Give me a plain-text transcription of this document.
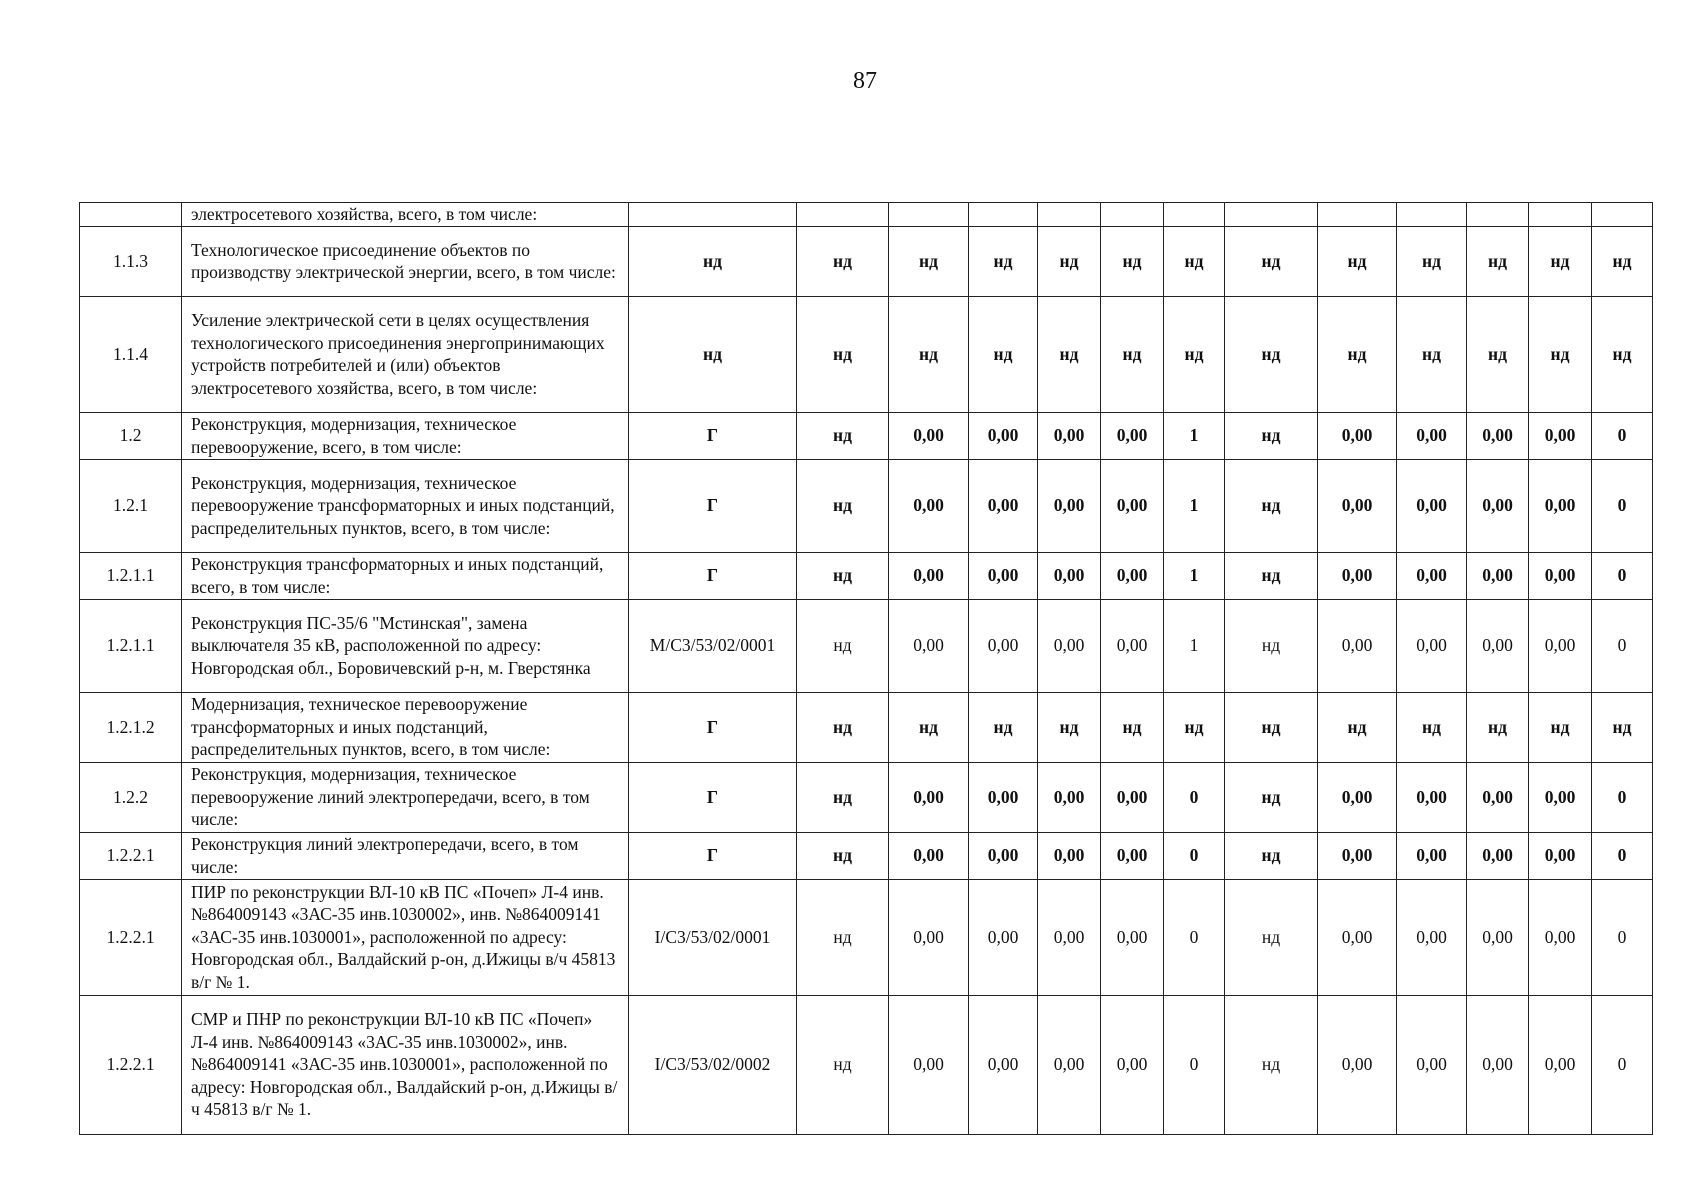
87
	электросетевого хозяйства, всего, в том числе:													
1.1.3	Технологическое присоединение объектов по производству электрической энергии, всего, в том числе:	нд	нд	нд	нд	нд	нд	нд	нд	нд	нд	нд	нд	нд
1.1.4	Усиление электрической сети в целях осуществления технологического присоединения энергопринимающих устройств потребителей и (или) объектов электросетевого хозяйства, всего, в том числе:	нд	нд	нд	нд	нд	нд	нд	нд	нд	нд	нд	нд	нд
1.2	Реконструкция, модернизация, техническое перевооружение, всего, в том числе:	Г	нд	0,00	0,00	0,00	0,00	1	нд	0,00	0,00	0,00	0,00	0
1.2.1	Реконструкция, модернизация, техническое перевооружение трансформаторных и иных подстанций, распределительных пунктов, всего, в том числе:	Г	нд	0,00	0,00	0,00	0,00	1	нд	0,00	0,00	0,00	0,00	0
1.2.1.1	Реконструкция трансформаторных и иных подстанций, всего, в том числе:	Г	нд	0,00	0,00	0,00	0,00	1	нд	0,00	0,00	0,00	0,00	0
1.2.1.1	Реконструкция ПС-35/6 "Мстинская", замена выключателя 35 кВ, расположенной по адресу: Новгородская обл., Боровичевский р-н, м. Гверстянка	M/C3/53/02/0001	нд	0,00	0,00	0,00	0,00	1	нд	0,00	0,00	0,00	0,00	0
1.2.1.2	Модернизация, техническое перевооружение трансформаторных и иных подстанций, распределительных пунктов, всего, в том числе:	Г	нд	нд	нд	нд	нд	нд	нд	нд	нд	нд	нд	нд
1.2.2	Реконструкция, модернизация, техническое перевооружение линий электропередачи, всего, в том числе:	Г	нд	0,00	0,00	0,00	0,00	0	нд	0,00	0,00	0,00	0,00	0
1.2.2.1	Реконструкция линий электропередачи, всего, в том числе:	Г	нд	0,00	0,00	0,00	0,00	0	нд	0,00	0,00	0,00	0,00	0
1.2.2.1	ПИР по реконструкции ВЛ-10 кВ ПС «Почеп» Л-4 инв. №864009143 «3АС-35 инв.1030002», инв. №864009141 «3АС-35 инв.1030001», расположенной по адресу: Новгородская обл., Валдайский р-он, д.Ижицы в/ч 45813 в/г № 1.	I/C3/53/02/0001	нд	0,00	0,00	0,00	0,00	0	нд	0,00	0,00	0,00	0,00	0
1.2.2.1	СМР и ПНР по реконструкции ВЛ-10 кВ ПС «Почеп» Л-4 инв. №864009143 «3АС-35 инв.1030002», инв. №864009141 «3АС-35 инв.1030001», расположенной по адресу: Новгородская обл., Валдайский р-он, д.Ижицы в/ч 45813 в/г № 1.	I/C3/53/02/0002	нд	0,00	0,00	0,00	0,00	0	нд	0,00	0,00	0,00	0,00	0
